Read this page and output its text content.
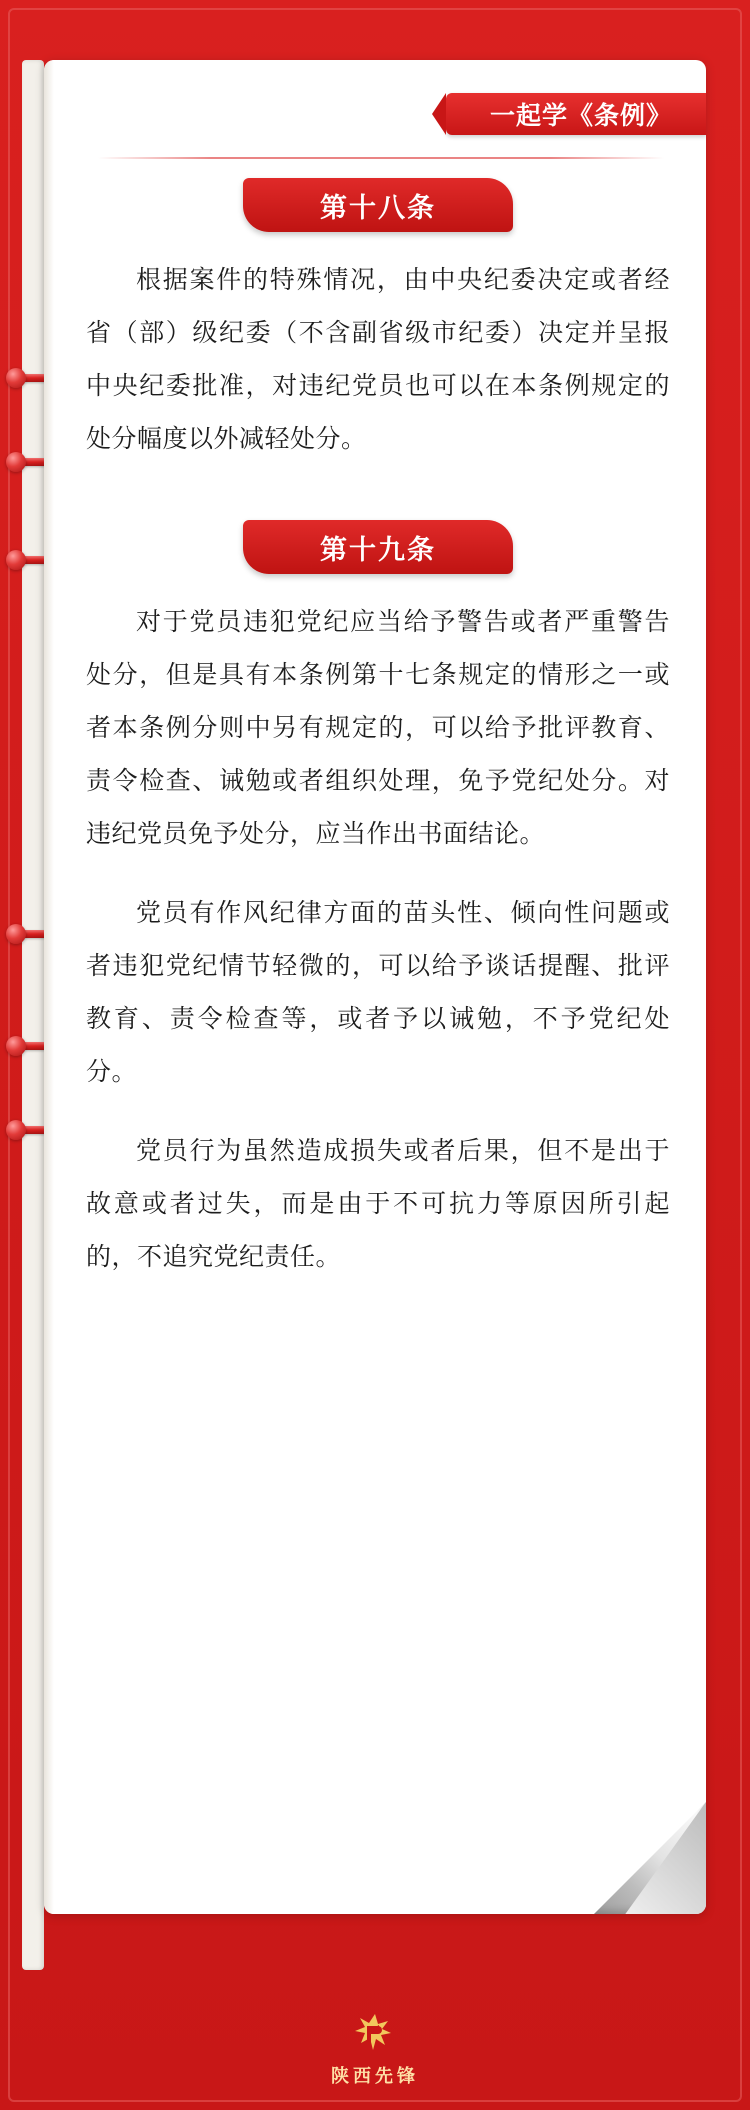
一起学《条例》
第十八条

根据案件的特殊情况，由中央纪委决定或者经省（部）级纪委（不含副省级市纪委）决定并呈报中央纪委批准，对违纪党员也可以在本条例规定的处分幅度以外减轻处分。

第十九条

对于党员违犯党纪应当给予警告或者严重警告处分，但是具有本条例第十七条规定的情形之一或者本条例分则中另有规定的，可以给予批评教育、责令检查、诫勉或者组织处理，免予党纪处分。对违纪党员免予处分，应当作出书面结论。

党员有作风纪律方面的苗头性、倾向性问题或者违犯党纪情节轻微的，可以给予谈话提醒、批评教育、责令检查等，或者予以诫勉，不予党纪处分。

党员行为虽然造成损失或者后果，但不是出于故意或者过失，而是由于不可抗力等原因所引起的，不追究党纪责任。

陕西先锋
